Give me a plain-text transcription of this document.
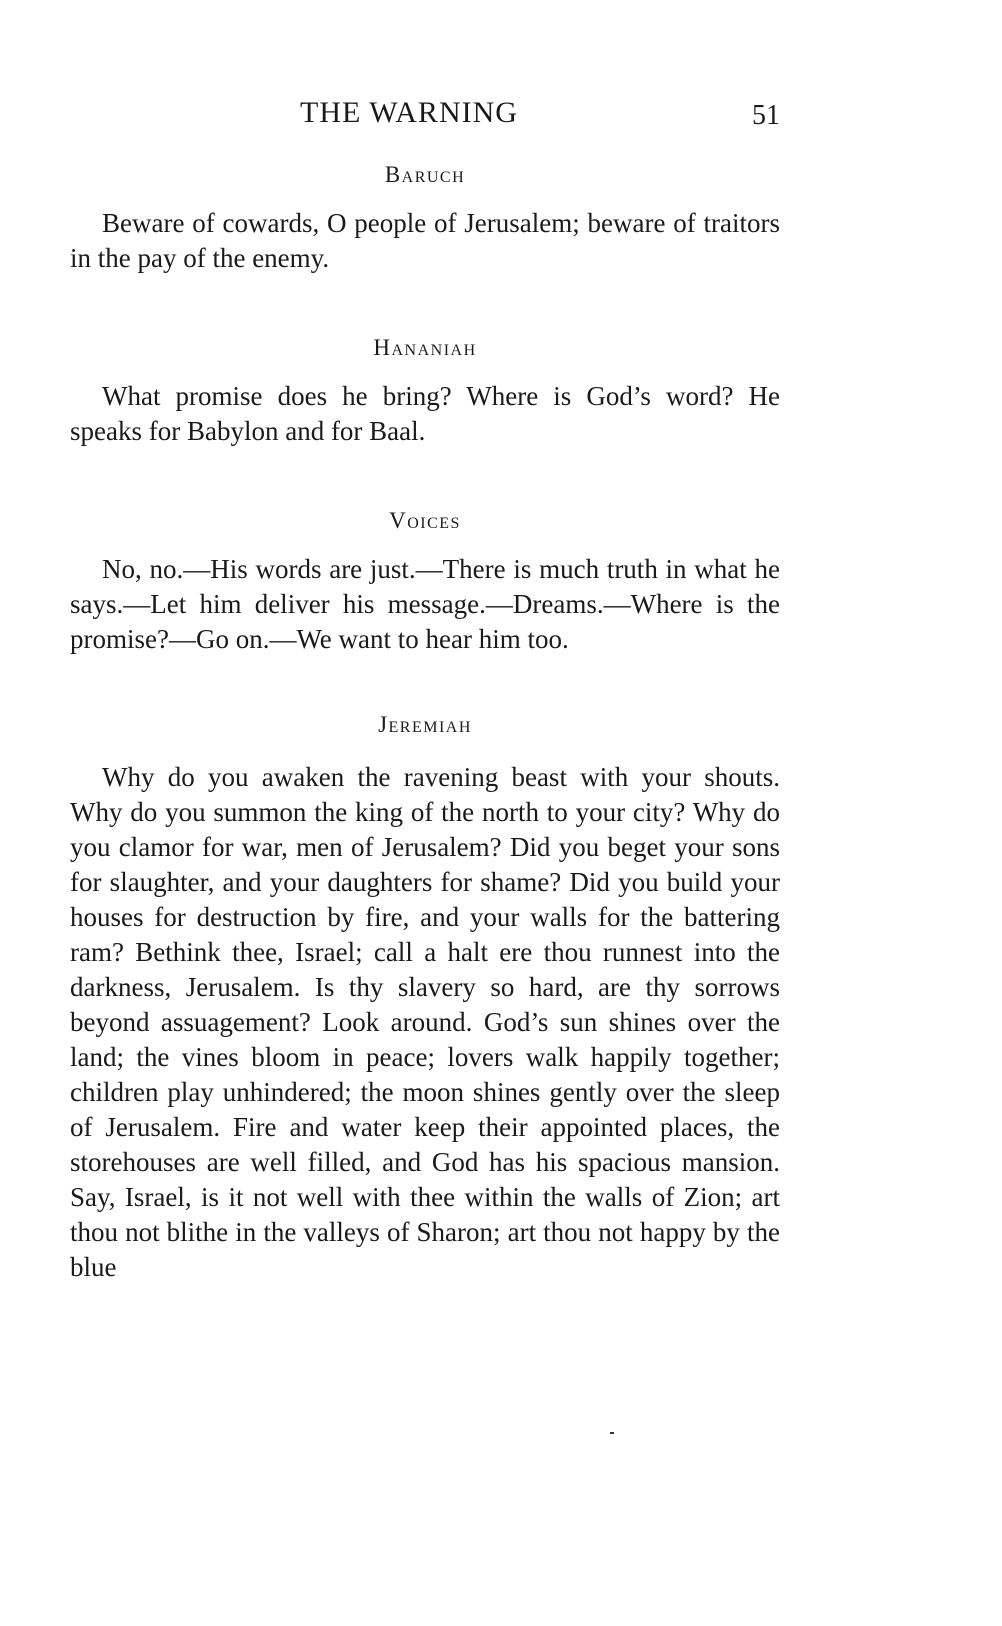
THE WARNING	51
Baruch

Beware of cowards, O people of Jerusalem; beware of traitors in the pay of the enemy.

Hananiah

What promise does he bring? Where is God’s word? He speaks for Babylon and for Baal.

Voices

No, no.—His words are just.—There is much truth in what he says.—Let him deliver his message.—Dreams.—Where is the promise?—Go on.—We want to hear him too.

Jeremiah

Why do you awaken the ravening beast with your shouts. Why do you summon the king of the north to your city? Why do you clamor for war, men of Jerusalem? Did you beget your sons for slaughter, and your daughters for shame? Did you build your houses for destruction by fire, and your walls for the battering ram? Bethink thee, Israel; call a halt ere thou runnest into the darkness, Jerusalem. Is thy slavery so hard, are thy sorrows beyond assuagement? Look around. God’s sun shines over the land; the vines bloom in peace; lovers walk happily together; children play unhindered; the moon shines gently over the sleep of Jerusalem. Fire and water keep their appointed places, the storehouses are well filled, and God has his spacious mansion. Say, Israel, is it not well with thee within the walls of Zion; art thou not blithe in the valleys of Sharon; art thou not happy by the blue
